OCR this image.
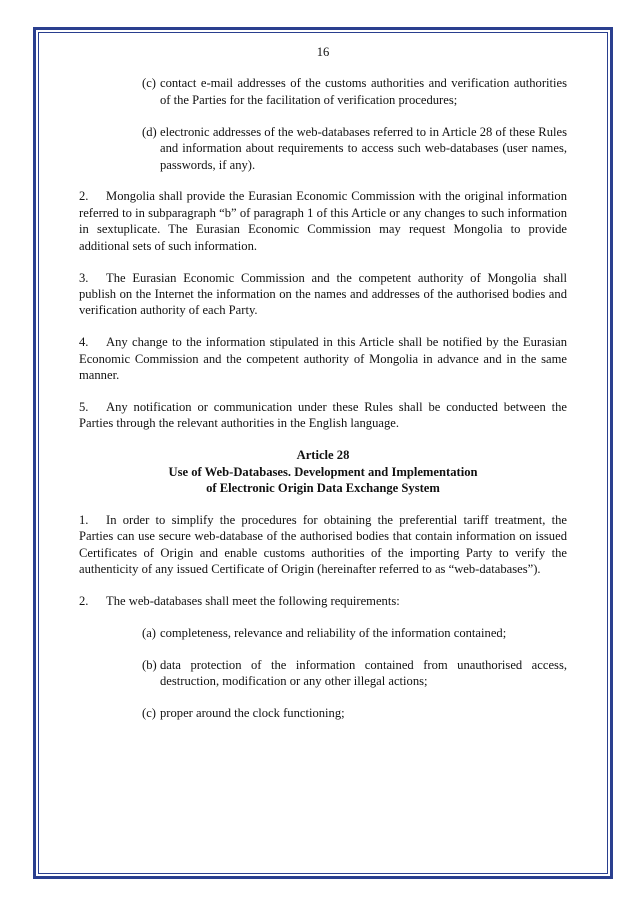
16
(c) contact e-mail addresses of the customs authorities and verification authorities of the Parties for the facilitation of verification procedures;

(d) electronic addresses of the web-databases referred to in Article 28 of these Rules and information about requirements to access such web-databases (user names, passwords, if any).

2. Mongolia shall provide the Eurasian Economic Commission with the original information referred to in subparagraph “b” of paragraph 1 of this Article or any changes to such information in sextuplicate. The Eurasian Economic Commission may request Mongolia to provide additional sets of such information.

3. The Eurasian Economic Commission and the competent authority of Mongolia shall publish on the Internet the information on the names and addresses of the authorised bodies and verification authority of each Party.

4. Any change to the information stipulated in this Article shall be notified by the Eurasian Economic Commission and the competent authority of Mongolia in advance and in the same manner.

5. Any notification or communication under these Rules shall be conducted between the Parties through the relevant authorities in the English language.

Article 28
Use of Web-Databases. Development and Implementation
of Electronic Origin Data Exchange System

1. In order to simplify the procedures for obtaining the preferential tariff treatment, the Parties can use secure web-database of the authorised bodies that contain information on issued Certificates of Origin and enable customs authorities of the importing Party to verify the authenticity of any issued Certificate of Origin (hereinafter referred to as “web-databases”).

2. The web-databases shall meet the following requirements:

(a) completeness, relevance and reliability of the information contained;

(b) data protection of the information contained from unauthorised access, destruction, modification or any other illegal actions;

(c) proper around the clock functioning;
